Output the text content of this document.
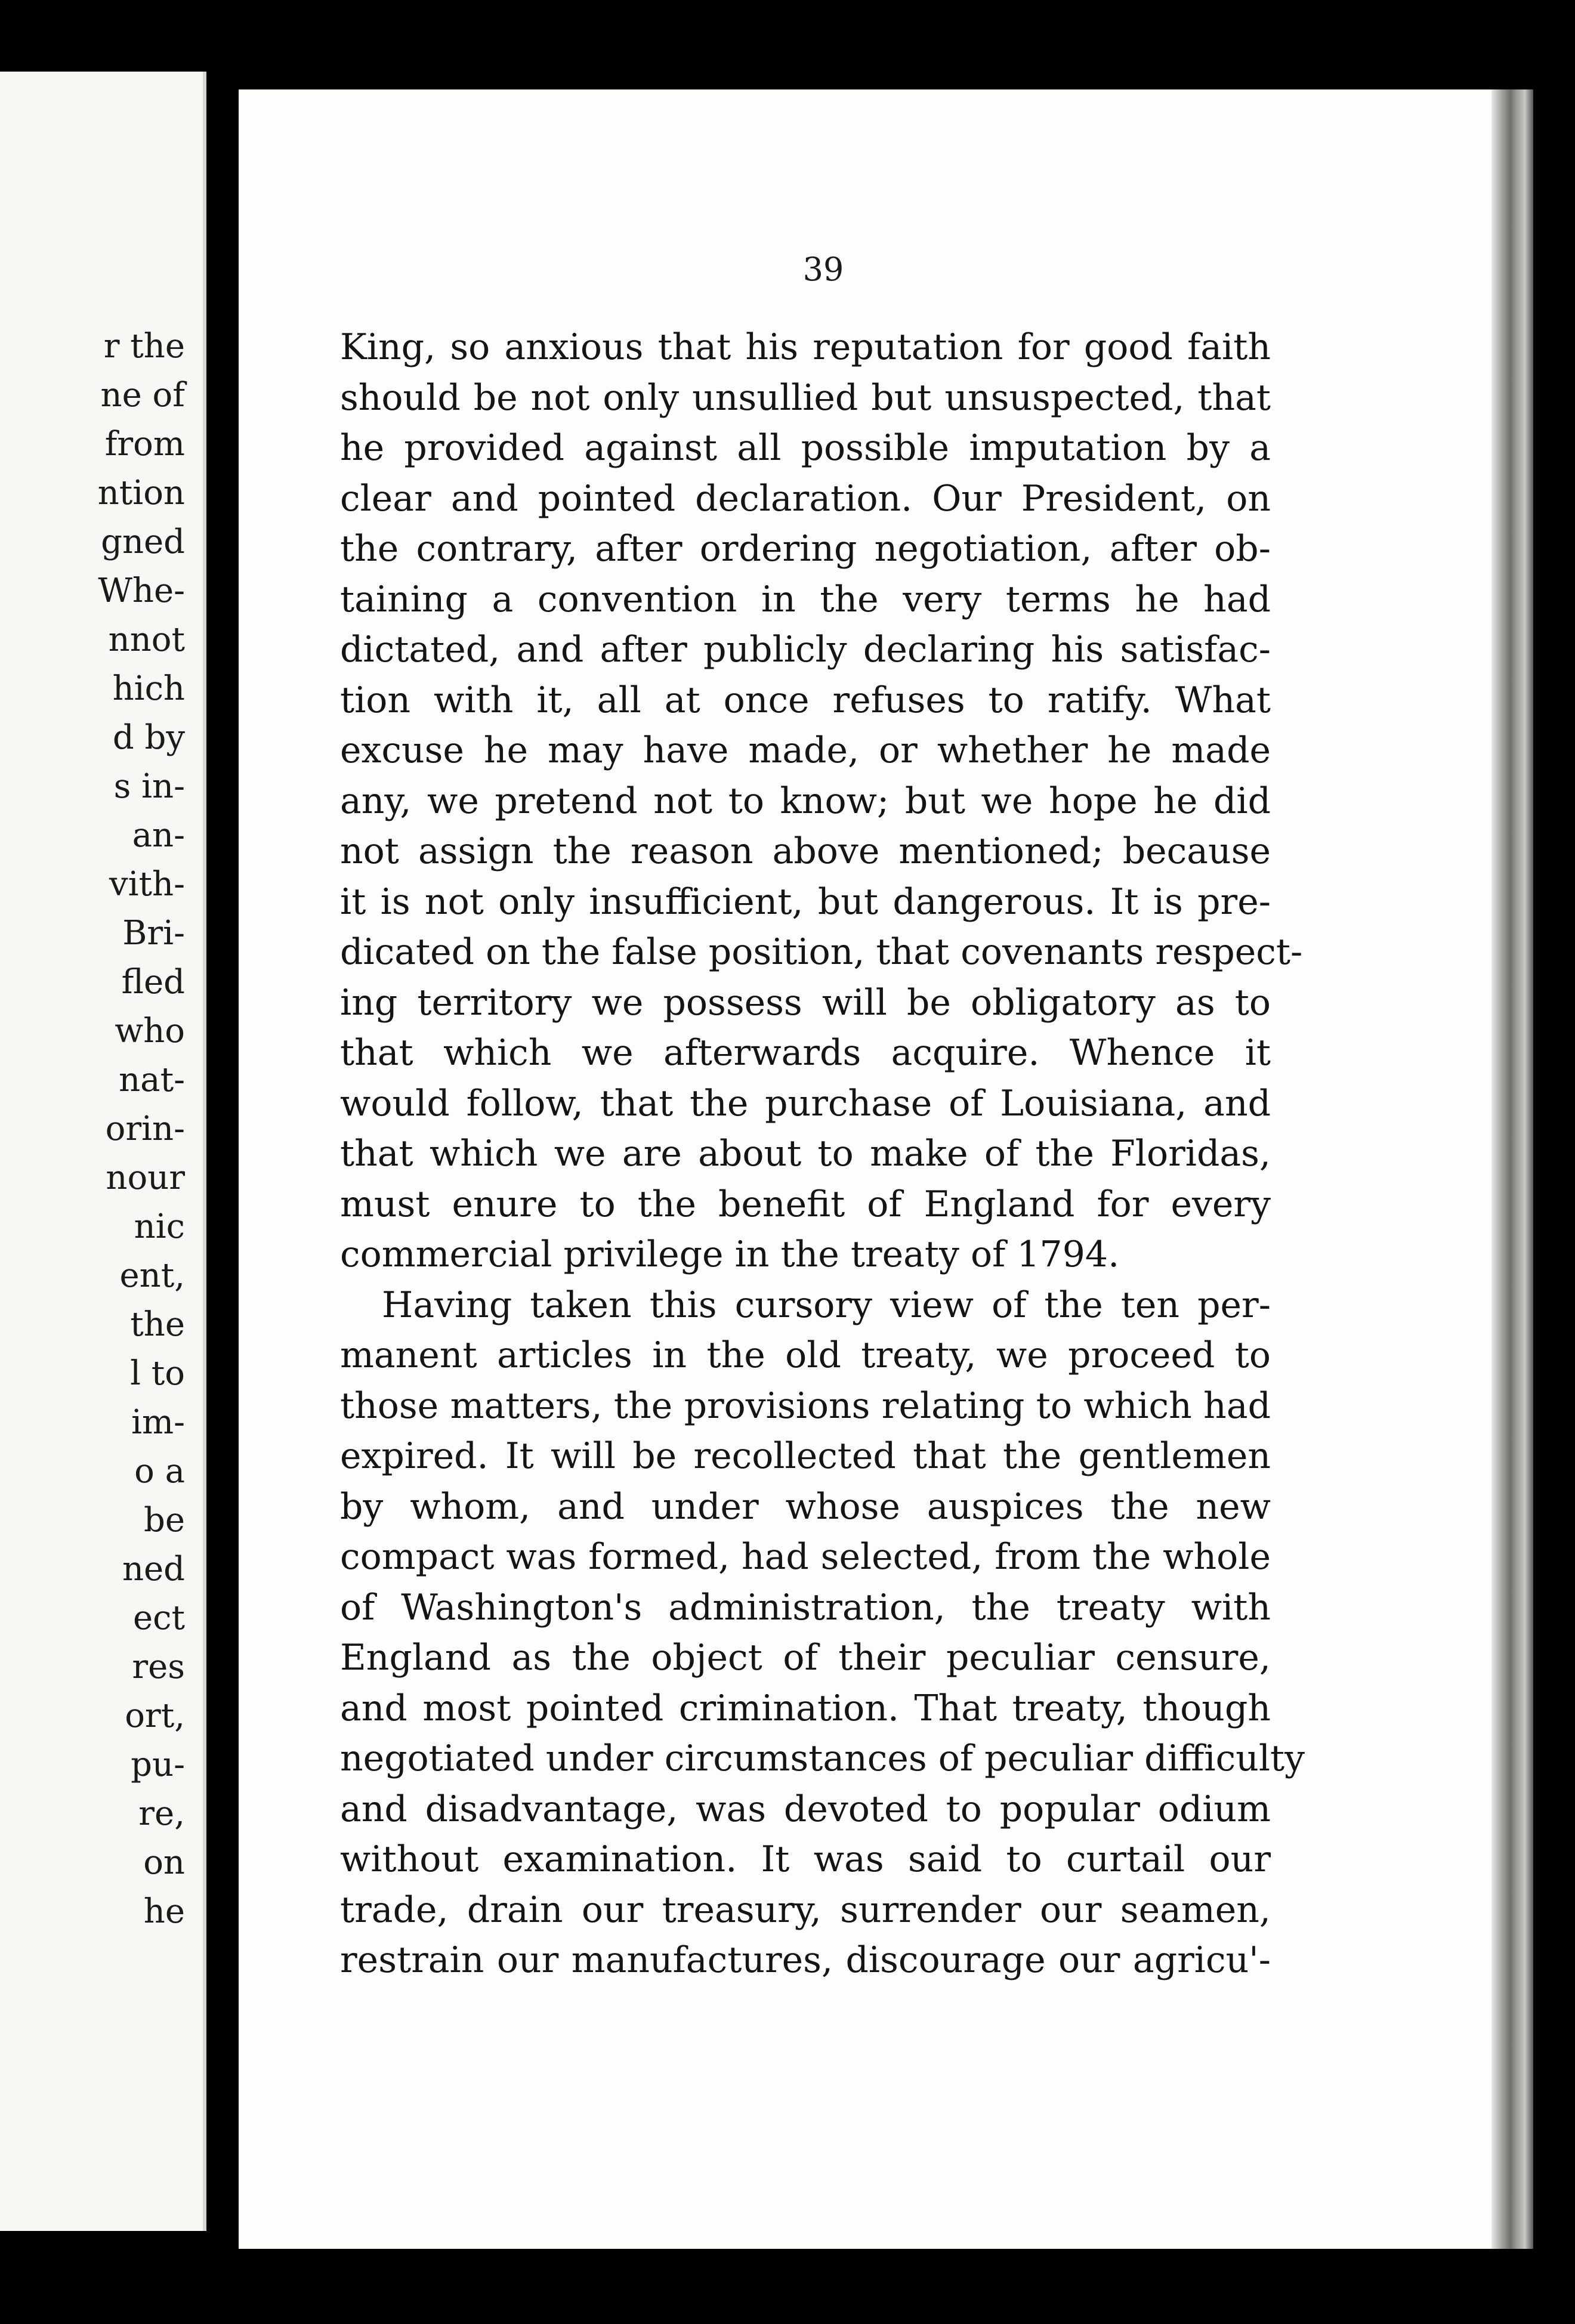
r the
ne of
from
ntion
gned
Whe-
nnot
hich
d by
s in-
an-
vith-
Bri-
fled
who
nat-
orin-
nour
nic
ent,
the
l to
im-
o a
be
ned
ect
res
ort,
pu-
re,
on
he
39
King, so anxious that his reputation for good faith
should be not only unsullied but unsuspected, that
he provided against all possible imputation by a
clear and pointed declaration. Our President, on
the contrary, after ordering negotiation, after ob-
taining a convention in the very terms he had
dictated, and after publicly declaring his satisfac-
tion with it, all at once refuses to ratify. What
excuse he may have made, or whether he made
any, we pretend not to know; but we hope he did
not assign the reason above mentioned; because
it is not only insufficient, but dangerous. It is pre-
dicated on the false position, that covenants respect-
ing territory we possess will be obligatory as to
that which we afterwards acquire. Whence it
would follow, that the purchase of Louisiana, and
that which we are about to make of the Floridas,
must enure to the benefit of England for every
commercial privilege in the treaty of 1794.
Having taken this cursory view of the ten per-
manent articles in the old treaty, we proceed to
those matters, the provisions relating to which had
expired. It will be recollected that the gentlemen
by whom, and under whose auspices the new
compact was formed, had selected, from the whole
of Washington's administration, the treaty with
England as the object of their peculiar censure,
and most pointed crimination. That treaty, though
negotiated under circumstances of peculiar difficulty
and disadvantage, was devoted to popular odium
without examination. It was said to curtail our
trade, drain our treasury, surrender our seamen,
restrain our manufactures, discourage our agricu'-
